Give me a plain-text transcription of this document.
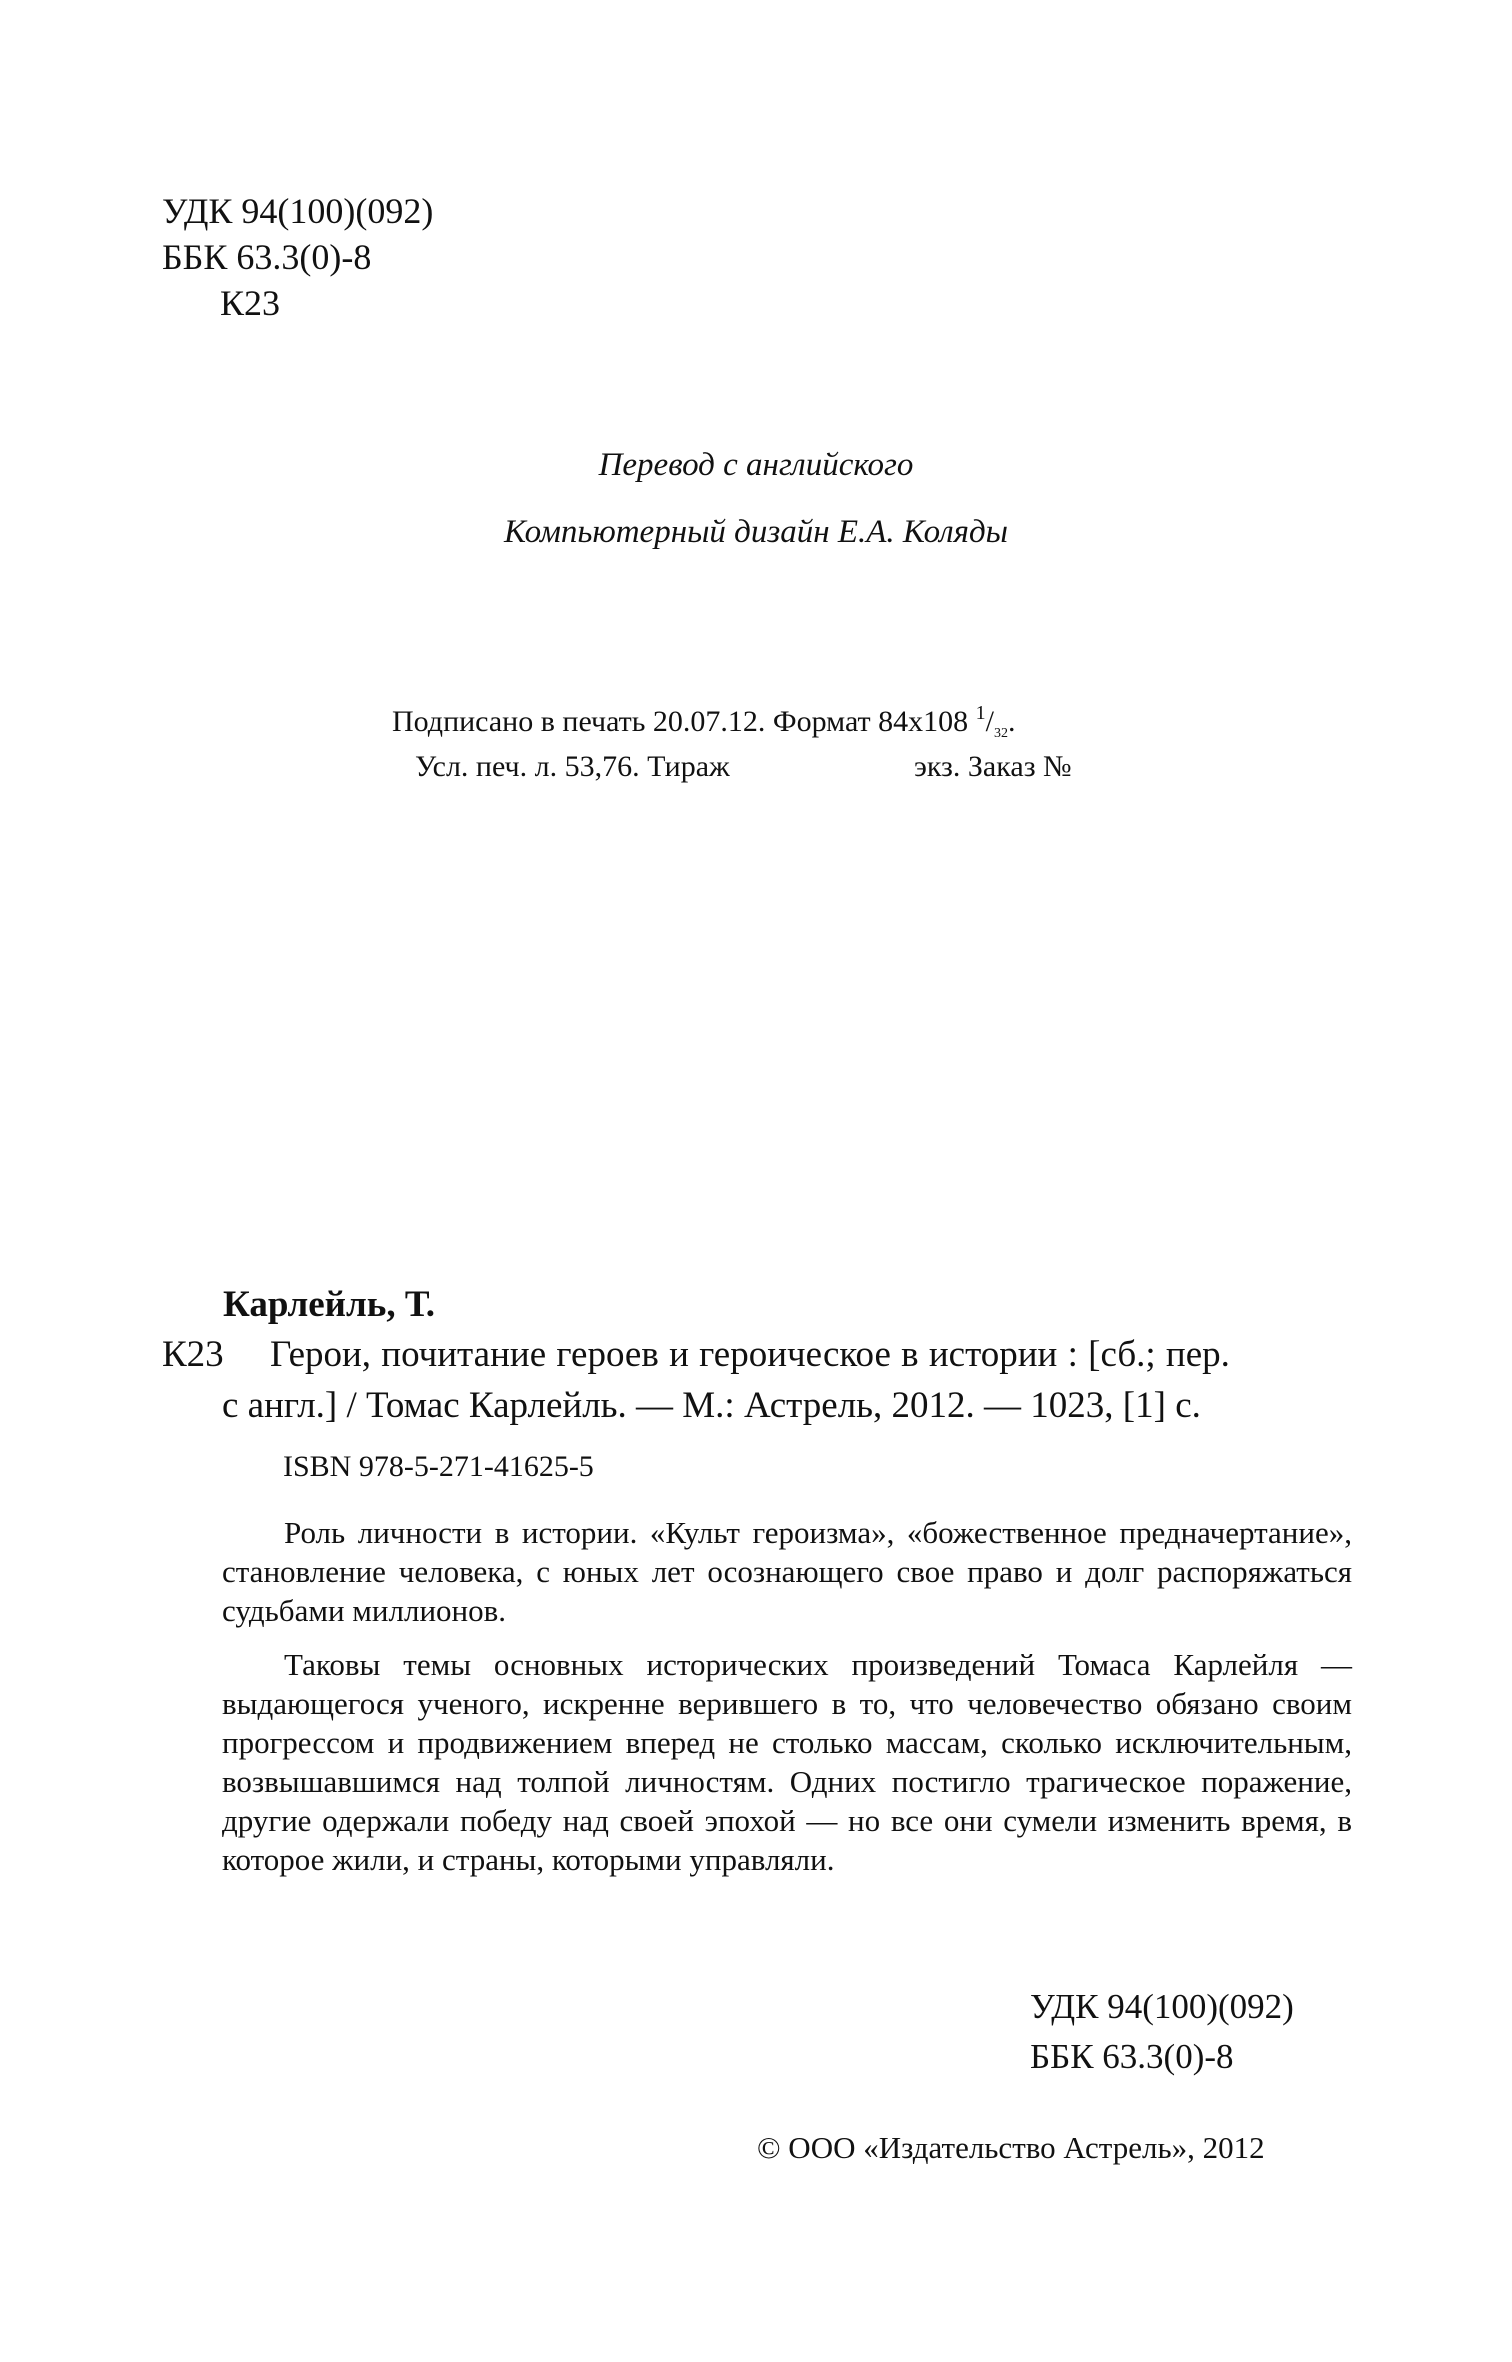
УДК 94(100)(092)
ББК 63.3(0)-8
К23
Перевод с английского
Компьютерный дизайн Е.А. Коляды
Подписано в печать 20.07.12. Формат 84x108 $1/_{32}$.
Усл. печ. л. 53,76. Тираж	экз. Заказ №
Карлейль, Т.
К23 Герои, почитание героев и героическое в истории : [сб.; пер.
с англ.] / Томас Карлейль. — М.: Астрель, 2012. — 1023, [1] с.
ISBN 978-5-271-41625-5

Роль личности в истории. «Культ героизма», «божественное предначертание», становление человека, с юных лет осознающего свое право и долг распоряжаться судьбами миллионов.

Таковы темы основных исторических произведений Томаса Карлейля — выдающегося ученого, искренне верившего в то, что человечество обязано своим прогрессом и продвижением вперед не столько массам, сколько исключительным, возвышавшимся над толпой личностям. Одних постигло трагическое поражение, другие одержали победу над своей эпохой — но все они сумели изменить время, в которое жили, и страны, которыми управляли.

УДК 94(100)(092)
ББК 63.3(0)-8
© ООО «Издательство Астрель», 2012
